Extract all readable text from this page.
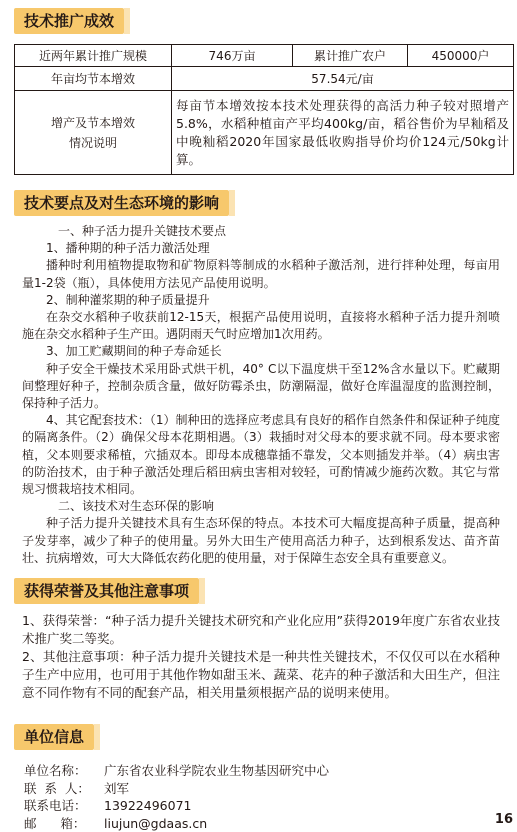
技术推广成效
近两年累计推广规模	746万亩	累计推广农户	450000户
年亩均节本增效	57.54元/亩		
增产及节本增效
情况说明	每亩节本增效按本技术处理获得的高活力种子较对照增产5.8%，水稻种植亩产平均400kg/亩，稻谷售价为早籼稻及中晚籼稻2020年国家最低收购指导价均价124元/50kg计算。		
技术要点及对生态环境的影响

一、种子活力提升关键技术要点

1、播种期的种子活力激活处理

播种时利用植物提取物和矿物原料等制成的水稻种子激活剂，进行拌种处理，每亩用量1-2袋（瓶），具体使用方法见产品使用说明。

2、制种灌浆期的种子质量提升

在杂交水稻种子收获前12-15天，根据产品使用说明，直接将水稻种子活力提升剂喷施在杂交水稻种子生产田。遇阴雨天气时应增加1次用药。

3、加工贮藏期间的种子寿命延长

种子安全干燥技术采用卧式烘干机，40° C以下温度烘干至12%含水量以下。贮藏期间整理好种子，控制杂质含量，做好防霉杀虫，防潮隔湿，做好仓库温湿度的监测控制，保持种子活力。

4、其它配套技术：（1）制种田的选择应考虑具有良好的稻作自然条件和保证种子纯度的隔离条件。（2）确保父母本花期相遇。（3）栽插时对父母本的要求就不同。母本要求密植，父本则要求稀植，穴插双本。即母本成穗靠插不靠发，父本则插发并举。（4）病虫害的防治技术，由于种子激活处理后稻田病虫害相对较轻，可酌情减少施药次数。其它与常规习惯栽培技术相同。

二、该技术对生态环保的影响

种子活力提升关键技术具有生态环保的特点。本技术可大幅度提高种子质量，提高种子发芽率，减少了种子的使用量。另外大田生产使用高活力种子，达到根系发达、苗齐苗壮、抗病增效，可大大降低农药化肥的使用量，对于保障生态安全具有重要意义。

获得荣誉及其他注意事项

1、获得荣誉：“种子活力提升关键技术研究和产业化应用”获得2019年度广东省农业技术推广奖二等奖。

2、其他注意事项：种子活力提升关键技术是一种共性关键技术，不仅仅可以在水稻种子生产中应用，也可用于其他作物如甜玉米、蔬菜、花卉的种子激活和大田生产，但注意不同作物有不同的配套产品，相关用量须根据产品的说明来使用。

单位信息
单位名称：	广东省农业科学院农业生物基因研究中心
联  系  人：	刘军
联系电话：	13922496071
邮      箱：	liujun@gdaas.cn	16
